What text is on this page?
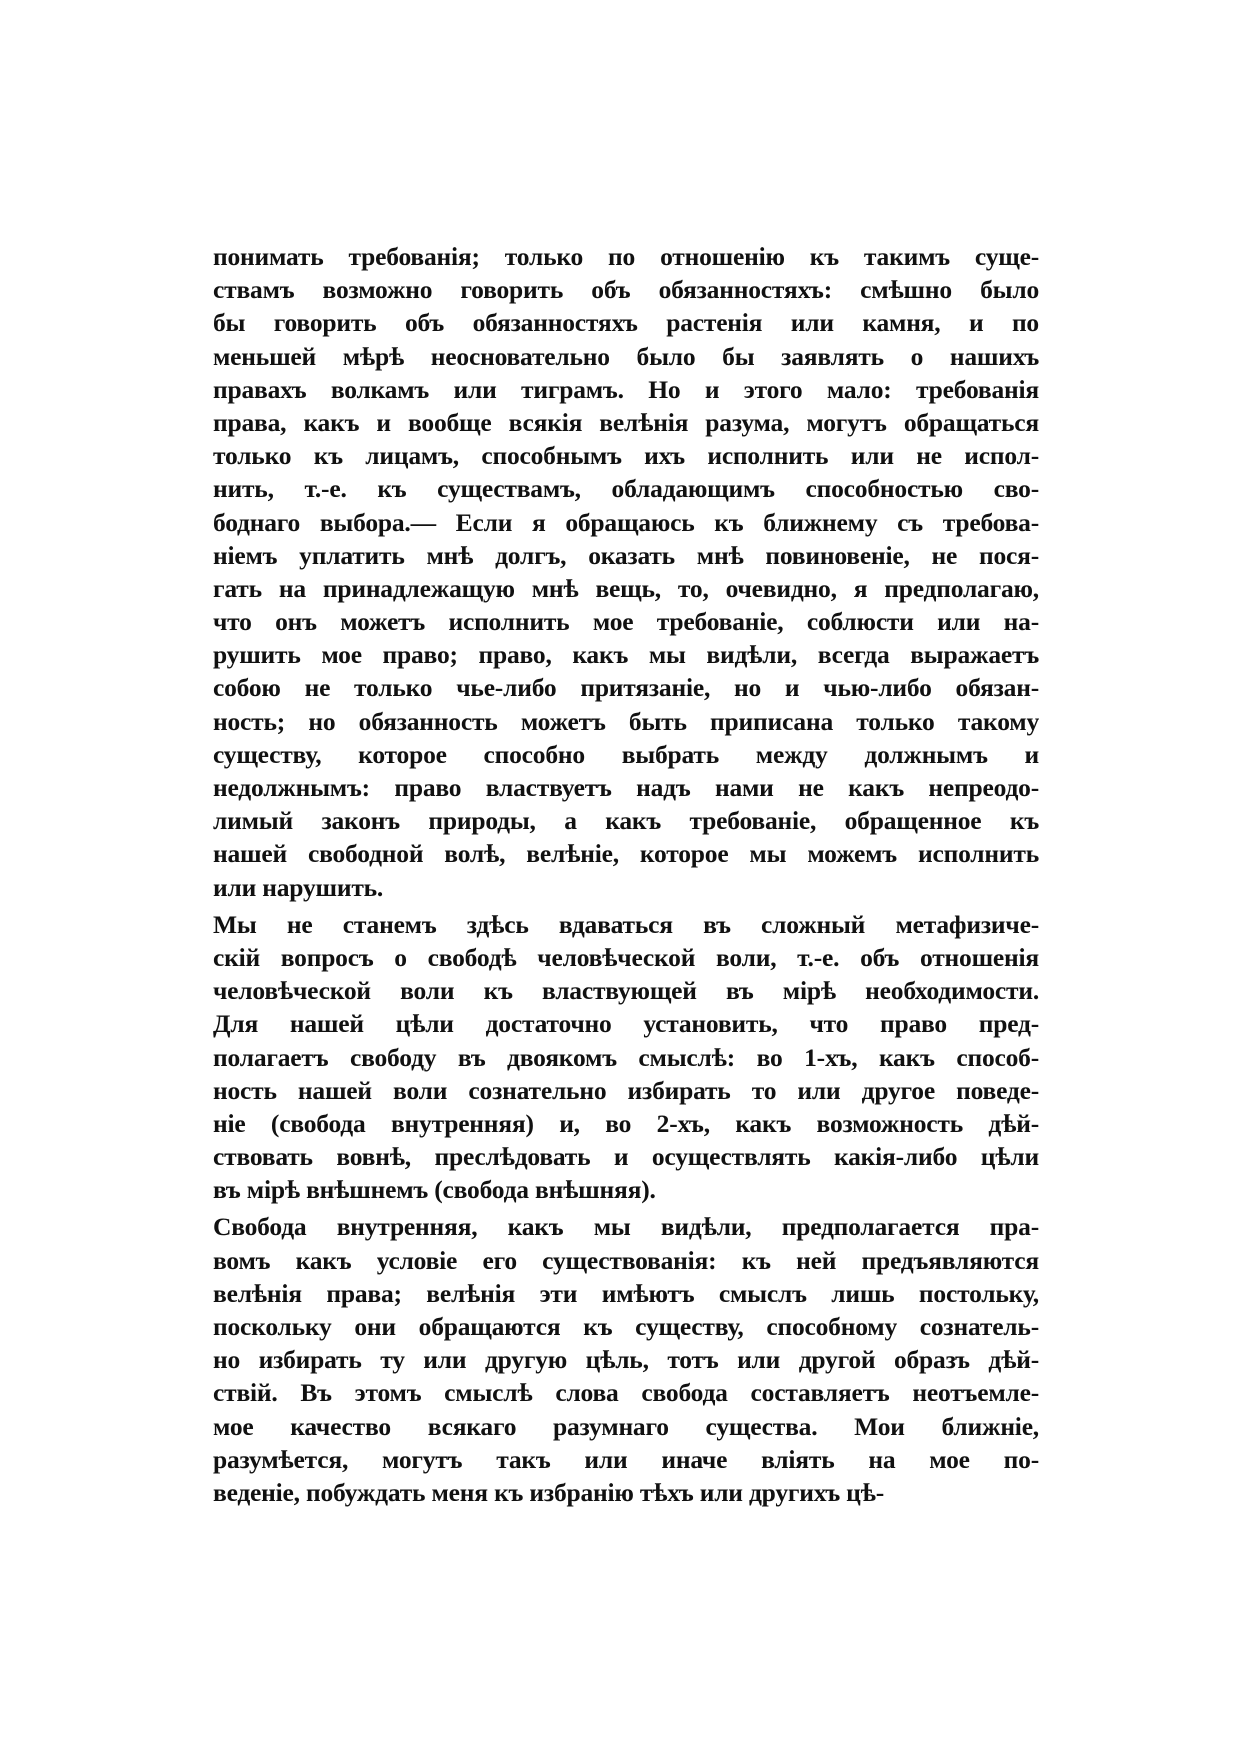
понимать требованія; только по отношенію къ такимъ суще-
ствамъ возможно говорить объ обязанностяхъ: смѣшно было
бы говорить объ обязанностяхъ растенія или камня, и по
меньшей мѣрѣ неосновательно было бы заявлять о нашихъ
правахъ волкамъ или тиграмъ. Но и этого мало: требованія
права, какъ и вообще всякія велѣнія разума, могутъ обращаться
только къ лицамъ, способнымъ ихъ исполнить или не испол-
нить, т.-е. къ существамъ, обладающимъ способностью сво-
боднаго выбора.— Если я обращаюсь къ ближнему съ требова-
ніемъ уплатить мнѣ долгъ, оказать мнѣ повиновеніе, не пося-
гать на принадлежащую мнѣ вещь, то, очевидно, я предполагаю,
что онъ можетъ исполнить мое требованіе, соблюсти или на-
рушить мое право; право, какъ мы видѣли, всегда выражаетъ
собою не только чье-либо притязаніе, но и чью-либо обязан-
ность; но обязанность можетъ быть приписана только такому
существу, которое способно выбрать между должнымъ и
недолжнымъ: право властвуетъ надъ нами не какъ непреодо-
лимый законъ природы, а какъ требованіе, обращенное къ
нашей свободной волѣ, велѣніе, которое мы можемъ исполнить
или нарушить.
Мы не станемъ здѣсь вдаваться въ сложный метафизиче-
скій вопросъ о свободѣ человѣческой воли, т.-е. объ отношенія
человѣческой воли къ властвующей въ мірѣ необходимости.
Для нашей цѣли достаточно установить, что право пред-
полагаетъ свободу въ двоякомъ смыслѣ: во 1-хъ, какъ способ-
ность нашей воли сознательно избирать то или другое поведе-
ніе (свобода внутренняя) и, во 2-хъ, какъ возможность дѣй-
ствовать вовнѣ, преслѣдовать и осуществлять какія-либо цѣли
въ мірѣ внѣшнемъ (свобода внѣшняя).
Свобода внутренняя, какъ мы видѣли, предполагается пра-
вомъ какъ условіе его существованія: къ ней предъявляются
велѣнія права; велѣнія эти имѣютъ смыслъ лишь постольку,
поскольку они обращаются къ существу, способному сознатель-
но избирать ту или другую цѣль, тотъ или другой образъ дѣй-
ствій. Въ этомъ смыслѣ слова свобода составляетъ неотъемле-
мое качество всякаго разумнаго существа. Мои ближніе,
разумѣется, могутъ такъ или иначе вліять на мое по-
веденіе, побуждать меня къ избранію тѣхъ или другихъ цѣ-
